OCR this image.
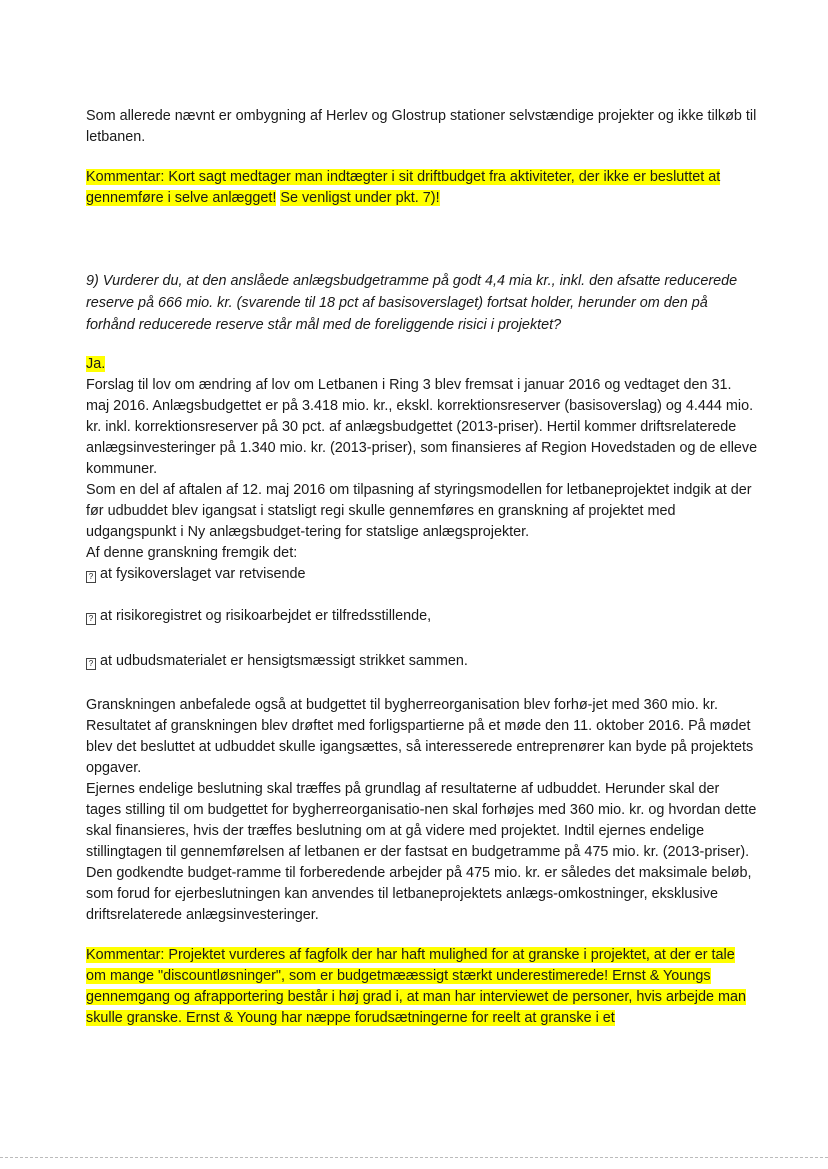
Som allerede nævnt er ombygning af Herlev og Glostrup stationer selvstændige projekter og ikke tilkøb til letbanen.

Kommentar: Kort sagt medtager man indtægter i sit driftbudget fra aktiviteter, der ikke er besluttet at gennemføre i selve anlægget! Se venligst under pkt. 7)!

9) Vurderer du, at den anslåede anlægsbudgetramme på godt 4,4 mia kr., inkl. den afsatte reducerede reserve på 666 mio. kr. (svarende til 18 pct af basisoverslaget) fortsat holder, herunder om den på forhånd reducerede reserve står mål med de foreliggende risici i projektet?

Ja.

Forslag til lov om ændring af lov om Letbanen i Ring 3 blev fremsat i januar 2016 og vedtaget den 31. maj 2016. Anlægsbudgettet er på 3.418 mio. kr., ekskl. korrektionsreserver (basisoverslag) og 4.444 mio. kr. inkl. korrektionsreserver på 30 pct. af anlægsbudgettet (2013-priser). Hertil kommer driftsrelaterede anlægsinvesteringer på 1.340 mio. kr. (2013-priser), som finansieres af Region Hovedstaden og de elleve kommuner.

Som en del af aftalen af 12. maj 2016 om tilpasning af styringsmodellen for letbaneprojektet indgik at der før udbuddet blev igangsat i statsligt regi skulle gennemføres en granskning af projektet med udgangspunkt i Ny anlægsbudget-tering for statslige anlægsprojekter.

Af denne granskning fremgik det:

? at fysikoverslaget var retvisende

? at risikoregistret og risikoarbejdet er tilfredsstillende,

? at udbudsmaterialet er hensigtsmæssigt strikket sammen.

Granskningen anbefalede også at budgettet til bygherreorganisation blev forhø-jet med 360 mio. kr.

Resultatet af granskningen blev drøftet med forligspartierne på et møde den 11. oktober 2016. På mødet blev det besluttet at udbuddet skulle igangsættes, så interesserede entreprenører kan byde på projektets opgaver.

Ejernes endelige beslutning skal træffes på grundlag af resultaterne af udbuddet. Herunder skal der tages stilling til om budgettet for bygherreorganisatio-nen skal forhøjes med 360 mio. kr. og hvordan dette skal finansieres, hvis der træffes beslutning om at gå videre med projektet. Indtil ejernes endelige stillingtagen til gennemførelsen af letbanen er der fastsat en budgetramme på 475 mio. kr. (2013-priser). Den godkendte budget-ramme til forberedende arbejder på 475 mio. kr. er således det maksimale beløb, som forud for ejerbeslutningen kan anvendes til letbaneprojektets anlægs-omkostninger, eksklusive driftsrelaterede anlægsinvesteringer.

Kommentar: Projektet vurderes af fagfolk der har haft mulighed for at granske i projektet, at der er tale om mange "discountløsninger", som er budgetmææssigt stærkt underestimerede! Ernst & Youngs gennemgang og afrapportering består i høj grad i, at man har interviewet de personer, hvis arbejde man skulle granske. Ernst & Young har næppe forudsætningerne for reelt at granske i et
